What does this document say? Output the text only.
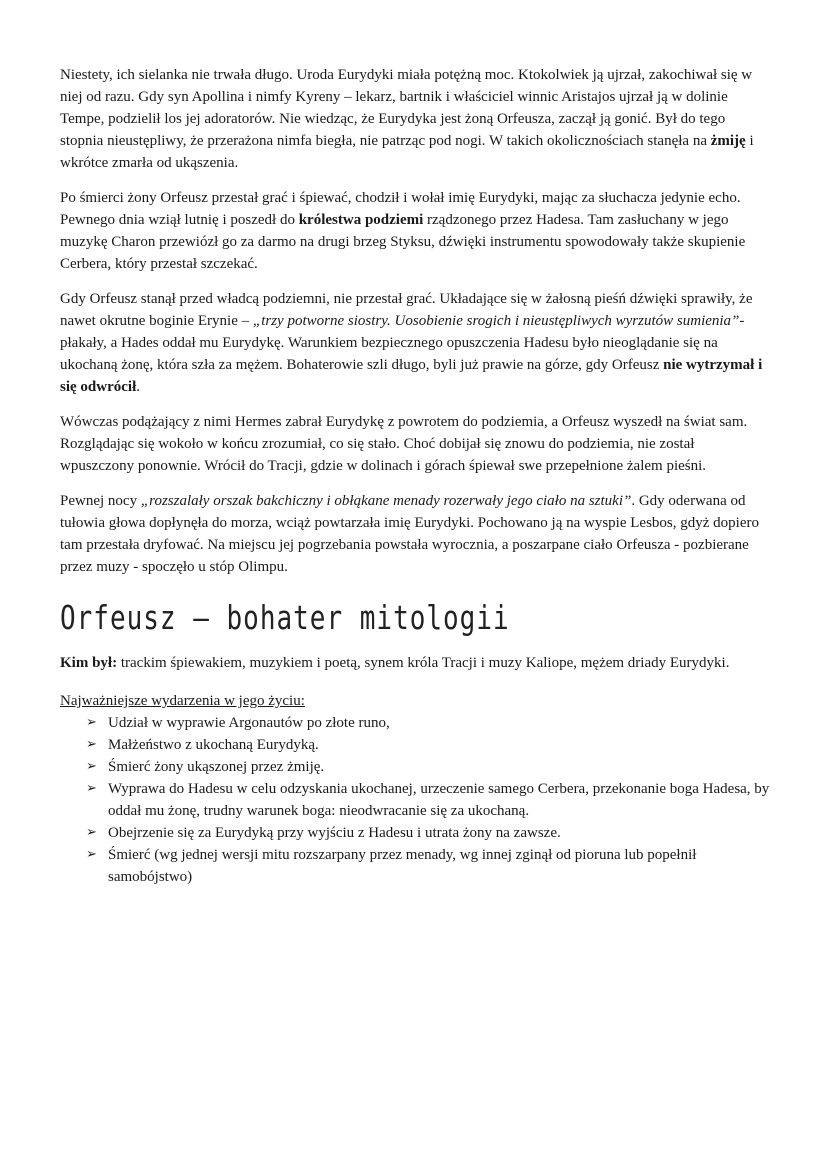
Niestety, ich sielanka nie trwała długo. Uroda Eurydyki miała potężną moc. Ktokolwiek ją ujrzał, zakochiwał się w niej od razu. Gdy syn Apollina i nimfy Kyreny – lekarz, bartnik i właściciel winnic Aristajos ujrzał ją w dolinie Tempe, podzielił los jej adoratorów. Nie wiedząc, że Eurydyka jest żoną Orfeusza, zaczął ją gonić. Był do tego stopnia nieustępliwy, że przerażona nimfa biegła, nie patrząc pod nogi. W takich okolicznościach stanęła na żmiję i wkrótce zmarła od ukąszenia.

Po śmierci żony Orfeusz przestał grać i śpiewać, chodził i wołał imię Eurydyki, mając za słuchacza jedynie echo. Pewnego dnia wziął lutnię i poszedł do królestwa podziemi rządzonego przez Hadesa. Tam zasłuchany w jego muzykę Charon przewiózł go za darmo na drugi brzeg Styksu, dźwięki instrumentu spowodowały także skupienie Cerbera, który przestał szczekać.

Gdy Orfeusz stanął przed władcą podziemni, nie przestał grać. Układające się w żałosną pieśń dźwięki sprawiły, że nawet okrutne boginie Erynie – „trzy potworne siostry. Uosobienie srogich i nieustępliwych wyrzutów sumienia”- płakały, a Hades oddał mu Eurydykę. Warunkiem bezpiecznego opuszczenia Hadesu było nieoglądanie się na ukochaną żonę, która szła za mężem. Bohaterowie szli długo, byli już prawie na górze, gdy Orfeusz nie wytrzymał i się odwrócił.

Wówczas podążający z nimi Hermes zabrał Eurydykę z powrotem do podziemia, a Orfeusz wyszedł na świat sam. Rozglądając się wokoło w końcu zrozumiał, co się stało. Choć dobijał się znowu do podziemia, nie został wpuszczony ponownie. Wrócił do Tracji, gdzie w dolinach i górach śpiewał swe przepełnione żalem pieśni.

Pewnej nocy „rozszalały orszak bakchiczny i obłąkane menady rozerwały jego ciało na sztuki”. Gdy oderwana od tułowia głowa dopłynęła do morza, wciąż powtarzała imię Eurydyki. Pochowano ją na wyspie Lesbos, gdyż dopiero tam przestała dryfować. Na miejscu jej pogrzebania powstała wyrocznia, a poszarpane ciało Orfeusza - pozbierane przez muzy - spoczęło u stóp Olimpu.

Orfeusz – bohater mitologii

Kim był: trackim śpiewakiem, muzykiem i poetą, synem króla Tracji i muzy Kaliope, mężem driady Eurydyki.

Najważniejsze wydarzenia w jego życiu:

➢ Udział w wyprawie Argonautów po złote runo,
➢ Małżeństwo z ukochaną Eurydyką.
➢ Śmierć żony ukąszonej przez żmiję.
➢ Wyprawa do Hadesu w celu odzyskania ukochanej, urzeczenie samego Cerbera, przekonanie boga Hadesa, by oddał mu żonę, trudny warunek boga: nieodwracanie się za ukochaną.
➢ Obejrzenie się za Eurydyką przy wyjściu z Hadesu i utrata żony na zawsze.
➢ Śmierć (wg jednej wersji mitu rozszarpany przez menady, wg innej zginął od pioruna lub popełnił samobójstwo)
